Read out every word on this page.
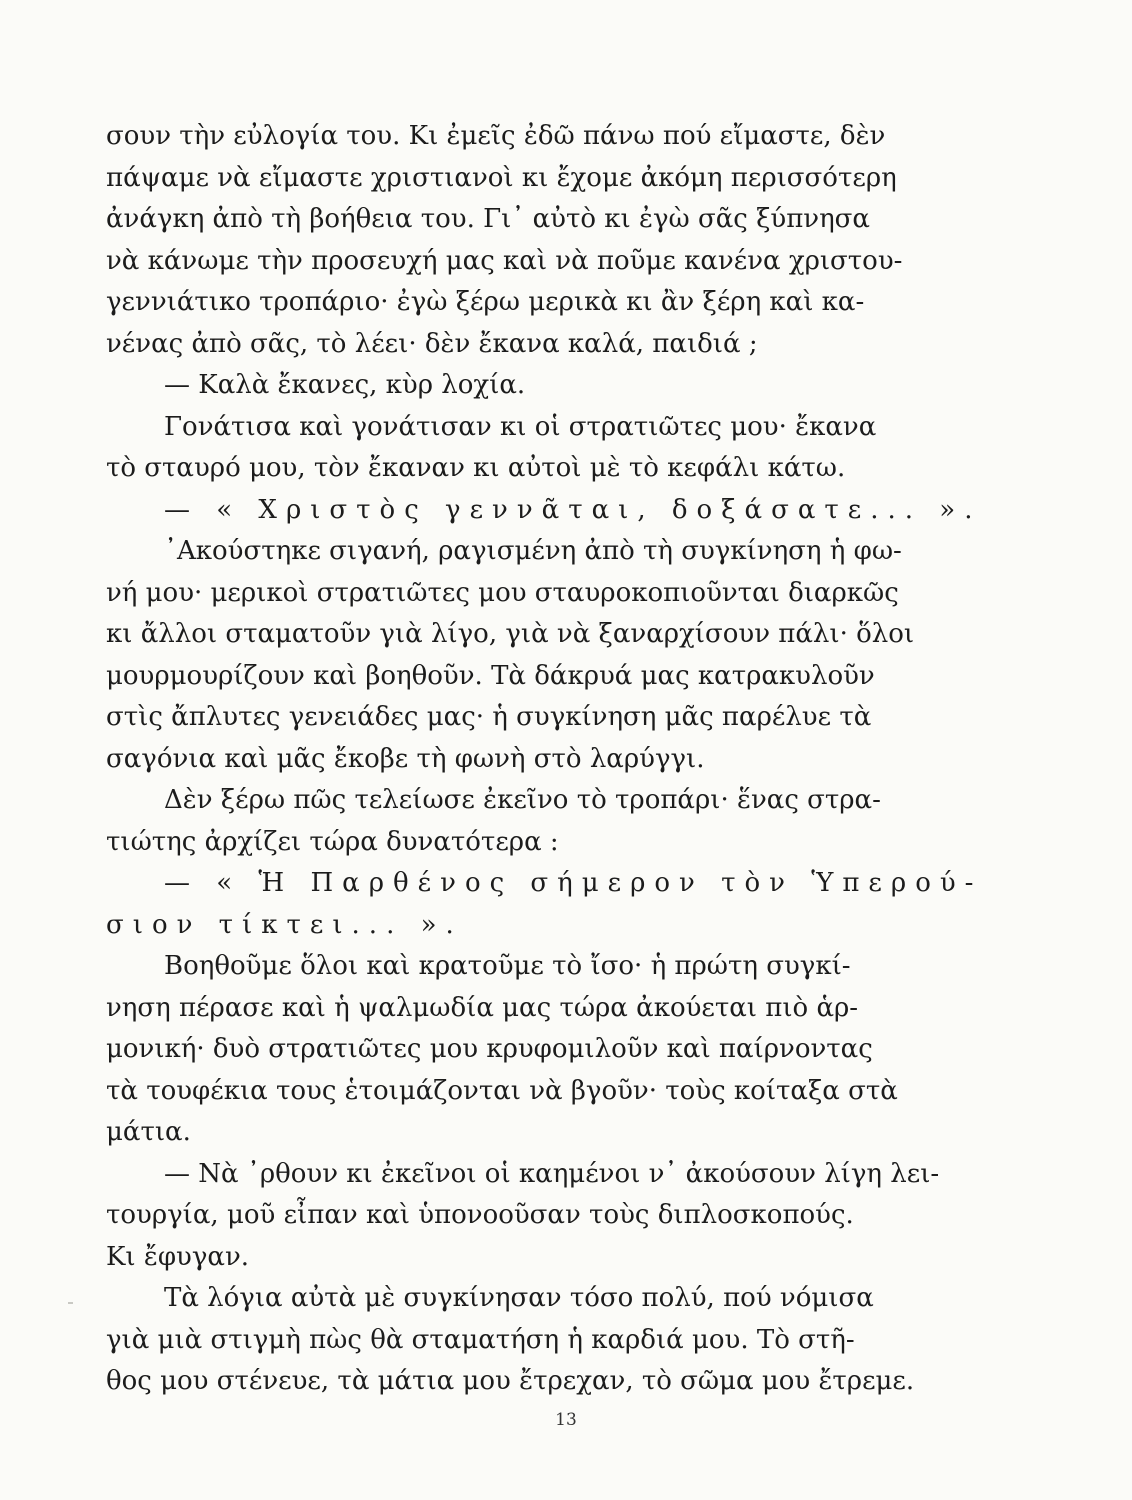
σουν τὴν εὐλογία του. Κι ἐμεῖς ἐδῶ πάνω πού εἴμαστε, δὲν
πάψαμε νὰ εἴμαστε χριστιανοὶ κι ἔχομε ἀκόμη περισσότερη
ἀνάγκη ἀπὸ τὴ βοήθεια του. Γι᾽ αὐτὸ κι ἐγὼ σᾶς ξύπνησα
νὰ κάνωμε τὴν προσευχή μας καὶ νὰ ποῦμε κανένα χριστου-
γεννιάτικο τροπάριο· ἐγὼ ξέρω μερικὰ κι ἂν ξέρη καὶ κα-
νένας ἀπὸ σᾶς, τὸ λέει· δὲν ἔκανα καλά, παιδιά ;
— Καλὰ ἔκανες, κὺρ λοχία.
Γονάτισα καὶ γονάτισαν κι οἱ στρατιῶτες μου· ἔκανα
τὸ σταυρό μου, τὸν ἔκαναν κι αὐτοὶ μὲ τὸ κεφάλι κάτω.
— « Χριστὸς γεννᾶται, δοξάσατε... ».
᾿Ακούστηκε σιγανή, ραγισμένη ἀπὸ τὴ συγκίνηση ἡ φω-
νή μου· μερικοὶ στρατιῶτες μου σταυροκοπιοῦνται διαρκῶς
κι ἄλλοι σταματοῦν γιὰ λίγο, γιὰ νὰ ξαναρχίσουν πάλι· ὅλοι
μουρμουρίζουν καὶ βοηθοῦν. Τὰ δάκρυά μας κατρακυλοῦν
στὶς ἄπλυτες γενειάδες μας· ἡ συγκίνηση μᾶς παρέλυε τὰ
σαγόνια καὶ μᾶς ἔκοβε τὴ φωνὴ στὸ λαρύγγι.
Δὲν ξέρω πῶς τελείωσε ἐκεῖνο τὸ τροπάρι· ἕνας στρα-
τιώτης ἀρχίζει τώρα δυνατότερα :
— « Ἡ Παρθένος σήμερον τὸν Ὑπερού-
σιον τίκτει... ».
Βοηθοῦμε ὅλοι καὶ κρατοῦμε τὸ ἴσο· ἡ πρώτη συγκί-
νηση πέρασε καὶ ἡ ψαλμωδία μας τώρα ἀκούεται πιὸ ἁρ-
μονική· δυὸ στρατιῶτες μου κρυφομιλοῦν καὶ παίρνοντας
τὰ τουφέκια τους ἑτοιμάζονται νὰ βγοῦν· τοὺς κοίταξα στὰ
μάτια.
— Νὰ ᾿ρθουν κι ἐκεῖνοι οἱ καημένοι ν᾽ ἀκούσουν λίγη λει-
τουργία, μοῦ εἶπαν καὶ ὑπονοοῦσαν τοὺς διπλοσκοπούς.
Κι ἔφυγαν.
Τὰ λόγια αὐτὰ μὲ συγκίνησαν τόσο πολύ, πού νόμισα
γιὰ μιὰ στιγμὴ πὼς θὰ σταματήση ἡ καρδιά μου. Τὸ στῆ-
θος μου στένευε, τὰ μάτια μου ἔτρεχαν, τὸ σῶμα μου ἔτρεμε.
13
